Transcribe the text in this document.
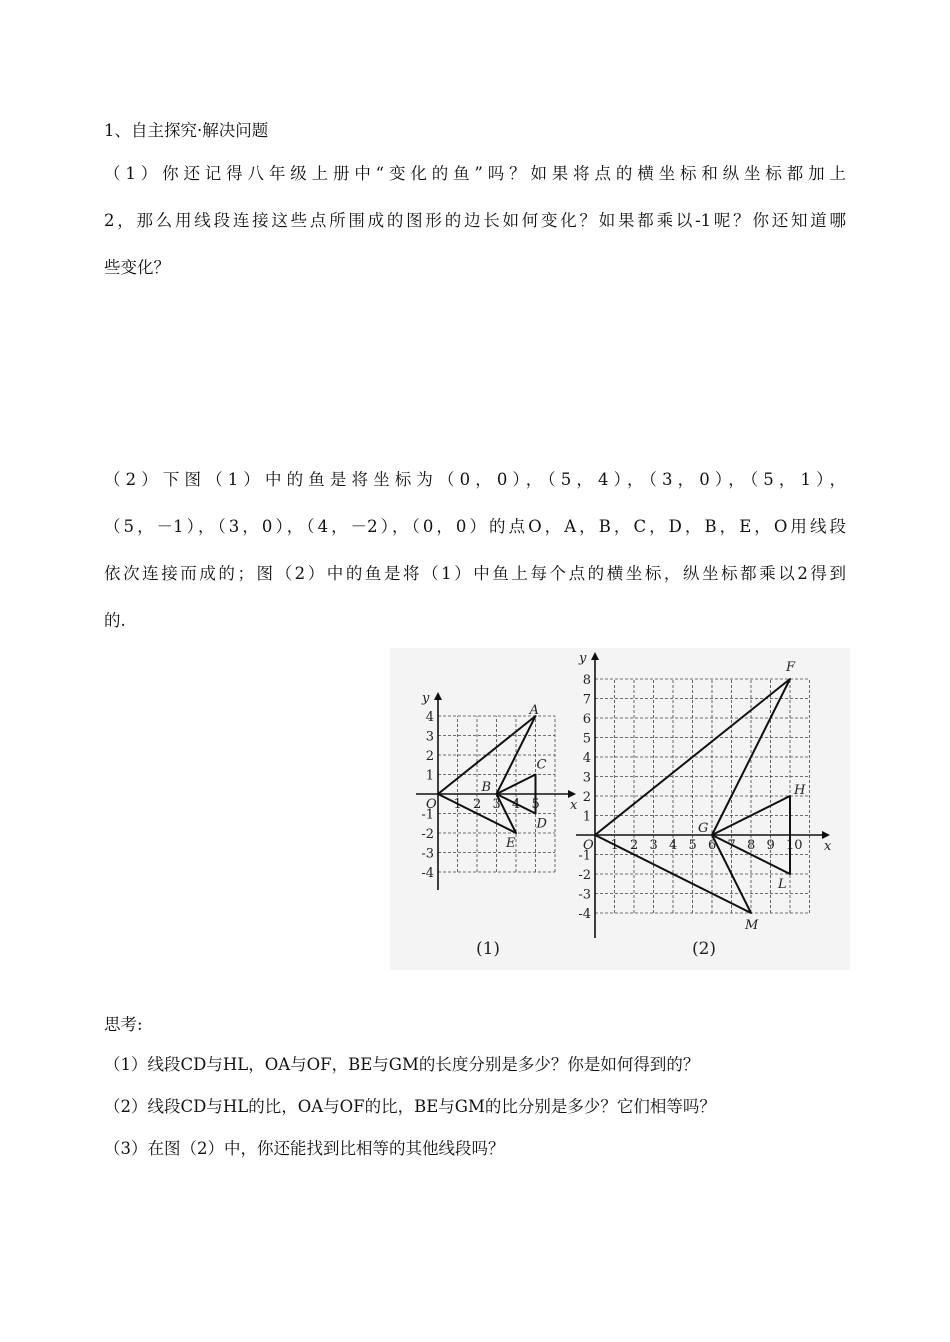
1、自主探究·解决问题
（1）你还记得八年级上册中“变化的鱼”吗？如果将点的横坐标和纵坐标都加上
2，那么用线段连接这些点所围成的图形的边长如何变化？如果都乘以-1呢？你还知道哪
些变化？
（2）下图（1）中的鱼是将坐标为（0，0），（5，4），（3，0），（5，1），
（5，－1），（3，0），（4，－2），（0，0）的点O，A，B，C，D，B，E，O用线段
依次连接而成的；图（2）中的鱼是将（1）中鱼上每个点的横坐标，纵坐标都乘以2得到
的.
x
y
O 1 2 3 4 5
4
3
2
1
-1
-2
-3
-4
A
B
C
D
E
(1)
x
y
O 1 2 3 4 5 6 7 8 9 10
8
7
6
5
4
3
2
1
-1
-2
-3
-4
F
G
H
L
M
(2)
思考:
（1）线段CD与HL，OA与OF，BE与GM的长度分别是多少？你是如何得到的？
（2）线段CD与HL的比，OA与OF的比，BE与GM的比分别是多少？它们相等吗？
（3）在图（2）中，你还能找到比相等的其他线段吗？
